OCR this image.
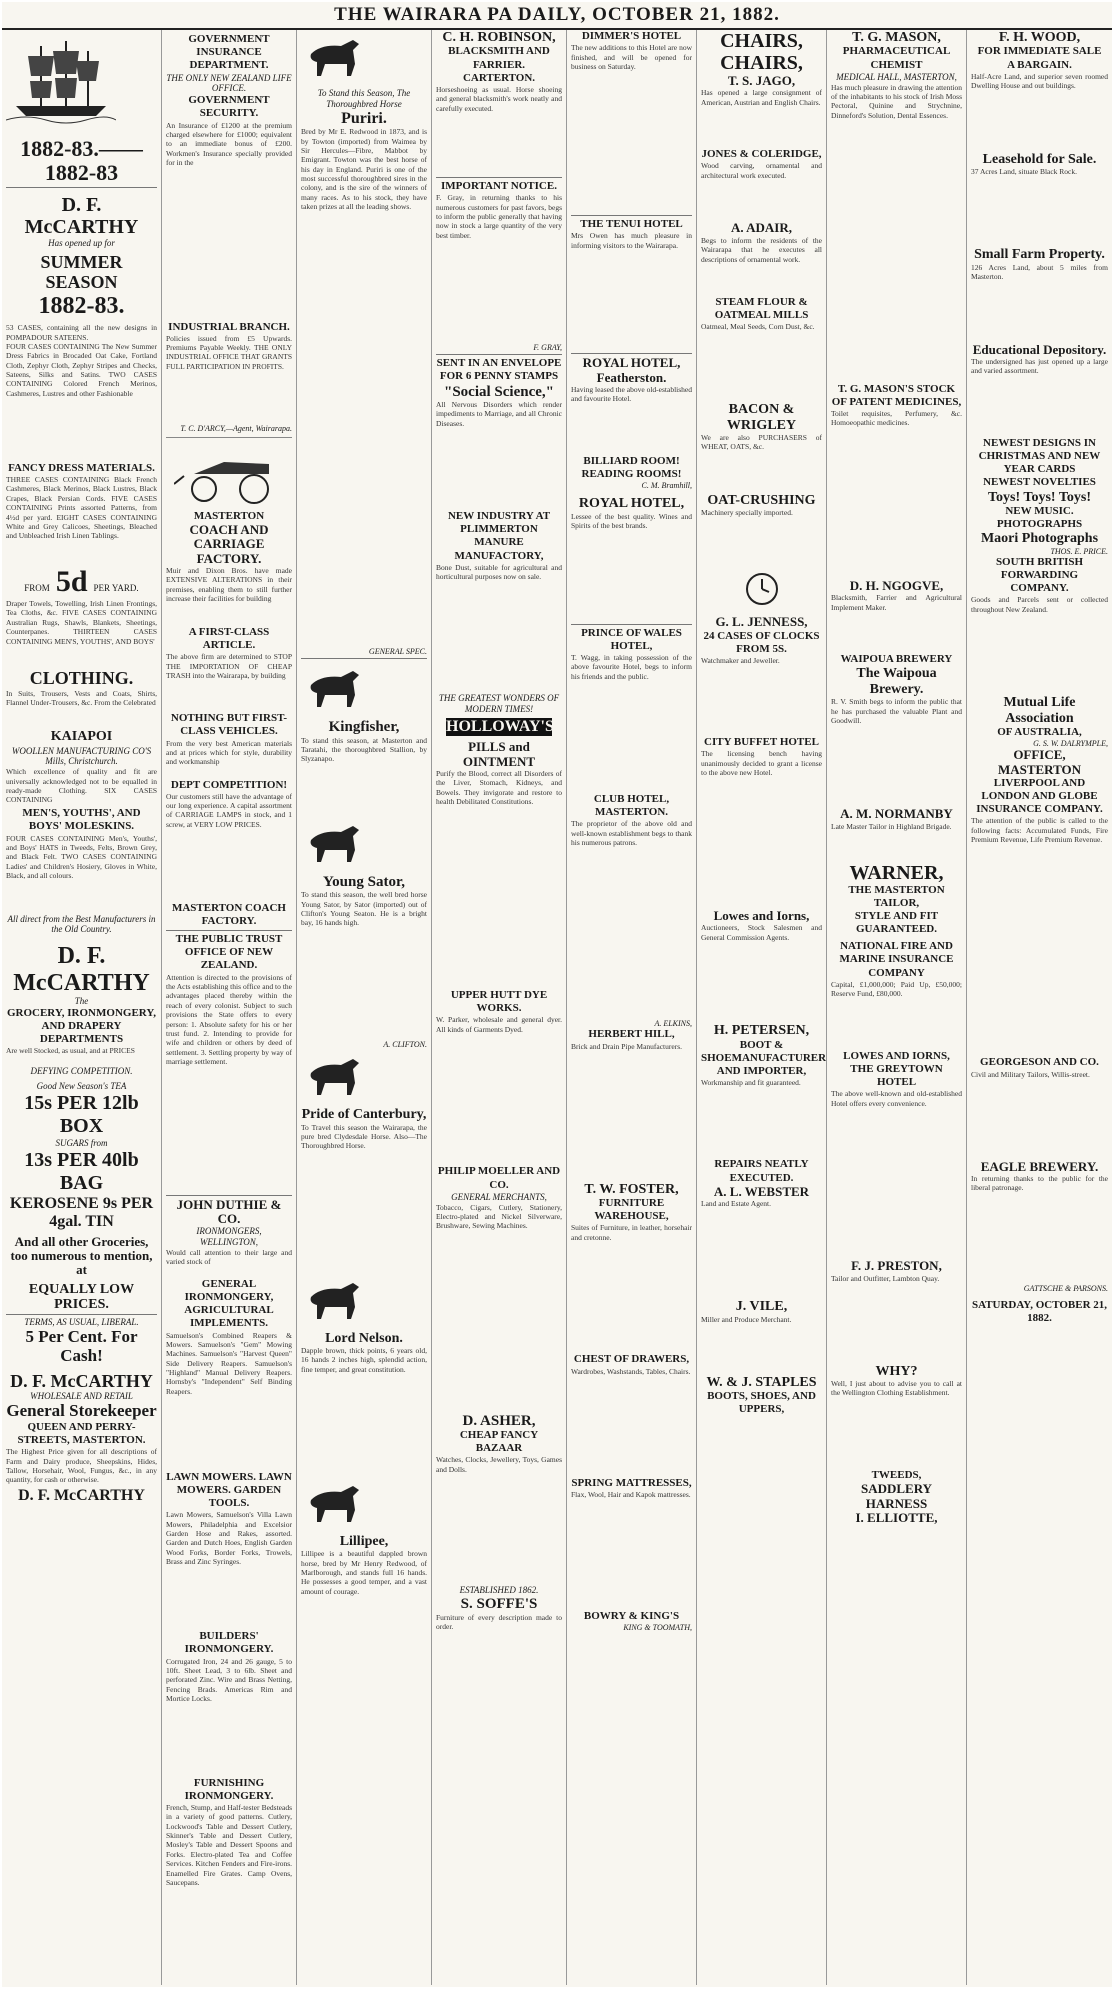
THE WAIRARA PA DAILY, OCTOBER 21, 1882.
1882-83.——1882-83
D. F. McCARTHY
Has opened up for
SUMMER SEASON
1882-83.
53 CASES, containing all the new designs in POMPADOUR SATEENS.
FOUR CASES CONTAINING The New Summer Dress Fabrics in Brocaded Oat Cake, Fortland Cloth, Zephyr Cloth, Zephyr Stripes and Checks, Sateens, Silks and Satins. TWO CASES CONTAINING Colored French Merinos, Cashmeres, Lustres and other Fashionable
FANCY DRESS MATERIALS.
THREE CASES CONTAINING Black French Cashmeres, Black Merinos, Black Lustres, Black Crapes, Black Persian Cords. FIVE CASES CONTAINING Prints assorted Patterns, from 4½d per yard. EIGHT CASES CONTAINING White and Grey Calicoes, Sheetings, Bleached and Unbleached Irish Linen Tablings.
FROM 5d PER YARD.
Draper Towels, Towelling, Irish Linen Frontings, Tea Cloths, &c. FIVE CASES CONTAINING Australian Rugs, Shawls, Blankets, Sheetings, Counterpanes. THIRTEEN CASES CONTAINING MEN'S, YOUTHS', AND BOYS'
CLOTHING.
In Suits, Trousers, Vests and Coats, Shirts, Flannel Under-Trousers, &c. From the Celebrated
KAIAPOI
WOOLLEN MANUFACTURING CO'S Mills, Christchurch.
Which excellence of quality and fit are universally acknowledged not to be equalled in ready-made Clothing. SIX CASES CONTAINING
MEN'S, YOUTHS', AND BOYS' MOLESKINS.
FOUR CASES CONTAINING Men's, Youths', and Boys' HATS in Tweeds, Felts, Brown Grey, and Black Felt. TWO CASES CONTAINING Ladies' and Children's Hosiery, Gloves in White, Black, and all colours.
All direct from the Best Manufacturers in the Old Country.
D. F. McCARTHY
The
GROCERY, IRONMONGERY, AND DRAPERY DEPARTMENTS
Are well Stocked, as usual, and at PRICES
DEFYING COMPETITION.
Good New Season's TEA
15s PER 12lb BOX
SUGARS from
13s PER 40lb BAG
KEROSENE 9s PER 4gal. TIN
And all other Groceries, too numerous to mention, at
EQUALLY LOW PRICES.
TERMS, AS USUAL, LIBERAL.
5 Per Cent. For Cash!
D. F. McCARTHY
WHOLESALE AND RETAIL
General Storekeeper
QUEEN AND PERRY-STREETS, MASTERTON.
The Highest Price given for all descriptions of Farm and Dairy produce, Sheepskins, Hides, Tallow, Horsehair, Wool, Fungus, &c., in any quantity, for cash or otherwise.
D. F. McCARTHY
GOVERNMENT INSURANCE DEPARTMENT.
THE ONLY NEW ZEALAND LIFE OFFICE.
GOVERNMENT SECURITY.
An Insurance of £1200 at the premium charged elsewhere for £1000; equivalent to an immediate bonus of £200. Workmen's Insurance specially provided for in the
INDUSTRIAL BRANCH.
Policies issued from £5 Upwards. Premiums Payable Weekly. THE ONLY INDUSTRIAL OFFICE THAT GRANTS FULL PARTICIPATION IN PROFITS.
T. C. D'ARCY,—Agent, Wairarapa.
MASTERTON
COACH AND CARRIAGE FACTORY.
Muir and Dixon Bros. have made EXTENSIVE ALTERATIONS in their premises, enabling them to still further increase their facilities for building
A FIRST-CLASS ARTICLE.
The above firm are determined to STOP THE IMPORTATION OF CHEAP TRASH into the Wairarapa, by building
NOTHING BUT FIRST-CLASS VEHICLES.
From the very best American materials and at prices which for style, durability and workmanship
DEPT COMPETITION!
Our customers still have the advantage of our long experience. A capital assortment of CARRIAGE LAMPS in stock, and 1 screw, at VERY LOW PRICES.
MASTERTON COACH FACTORY.
THE PUBLIC TRUST OFFICE OF NEW ZEALAND.
Attention is directed to the provisions of the Acts establishing this office and to the advantages placed thereby within the reach of every colonist. Subject to such provisions the State offers to every person: 1. Absolute safety for his or her trust fund. 2. Intending to provide for wife and children or others by deed of settlement. 3. Settling property by way of marriage settlement.
JOHN DUTHIE & CO.
IRONMONGERS,
WELLINGTON,
Would call attention to their large and varied stock of
GENERAL IRONMONGERY,
AGRICULTURAL IMPLEMENTS.
Samuelson's Combined Reapers & Mowers. Samuelson's "Gem" Mowing Machines. Samuelson's "Harvest Queen" Side Delivery Reapers. Samuelson's "Highland" Manual Delivery Reapers. Hornsby's "Independent" Self Binding Reapers.
LAWN MOWERS. LAWN MOWERS. GARDEN TOOLS.
Lawn Mowers, Samuelson's Villa Lawn Mowers, Philadelphia and Excelsior Garden Hose and Rakes, assorted. Garden and Dutch Hoes, English Garden Wood Forks, Border Forks, Trowels, Brass and Zinc Syringes.
BUILDERS' IRONMONGERY.
Corrugated Iron, 24 and 26 gauge, 5 to 10ft. Sheet Lead, 3 to 6lb. Sheet and perforated Zinc. Wire and Brass Netting, Fencing Brads. Americas Rim and Mortice Locks.
FURNISHING IRONMONGERY.
French, Stump, and Half-tester Bedsteads in a variety of good patterns. Cutlery, Lockwood's Table and Dessert Cutlery, Skinner's Table and Dessert Cutlery, Mosley's Table and Dessert Spoons and Forks. Electro-plated Tea and Coffee Services. Kitchen Fenders and Fire-irons. Enamelled Fire Grates. Camp Ovens, Saucepans.
To Stand this Season, The Thoroughbred Horse
Puriri.
Bred by Mr E. Redwood in 1873, and is by Towton (imported) from Waimea by Sir Hercules—Fibre, Mabbot by Emigrant. Towton was the best horse of his day in England. Puriri is one of the most successful thoroughbred sires in the colony, and is the sire of the winners of many races. As to his stock, they have taken prizes at all the leading shows.
GENERAL SPEC.
Kingfisher,
To stand this season, at Masterton and Taratahi, the thoroughbred Stallion, by Slyzanapo.
Young Sator,
To stand this season, the well bred horse Young Sator, by Sator (imported) out of Clifton's Young Seaton. He is a bright bay, 16 hands high.
A. CLIFTON.
Pride of Canterbury,
To Travel this season the Wairarapa, the pure bred Clydesdale Horse. Also—The Thoroughbred Horse.
Lord Nelson.
Dapple brown, thick points, 6 years old, 16 hands 2 inches high, splendid action, fine temper, and great constitution.
Lillipee,
Lillipee is a beautiful dappled brown horse, bred by Mr Henry Redwood, of Marlborough, and stands full 16 hands. He possesses a good temper, and a vast amount of courage.
C. H. ROBINSON,
BLACKSMITH AND FARRIER.
CARTERTON.
Horseshoeing as usual. Horse shoeing and general blacksmith's work neatly and carefully executed.
IMPORTANT NOTICE.
F. Gray, in returning thanks to his numerous customers for past favors, begs to inform the public generally that having now in stock a large quantity of the very best timber.
F. GRAY,
SENT IN AN ENVELOPE FOR 6 PENNY STAMPS
"Social Science,"
All Nervous Disorders which render impediments to Marriage, and all Chronic Diseases.
NEW INDUSTRY AT PLIMMERTON MANURE MANUFACTORY,
Bone Dust, suitable for agricultural and horticultural purposes now on sale.
THE GREATEST WONDERS OF MODERN TIMES!
HOLLOWAY'S
PILLS and OINTMENT
Purify the Blood, correct all Disorders of the Liver, Stomach, Kidneys, and Bowels. They invigorate and restore to health Debilitated Constitutions.
UPPER HUTT DYE WORKS.
W. Parker, wholesale and general dyer. All kinds of Garments Dyed.
PHILIP MOELLER AND CO.
GENERAL MERCHANTS,
Tobacco, Cigars, Cutlery, Stationery, Electro-plated and Nickel Silverware, Brushware, Sewing Machines.
D. ASHER,
CHEAP FANCY BAZAAR
Watches, Clocks, Jewellery, Toys, Games and Dolls.
ESTABLISHED 1862.
S. SOFFE'S
Furniture of every description made to order.
DIMMER'S HOTEL
The new additions to this Hotel are now finished, and will be opened for business on Saturday.
THE TENUI HOTEL
Mrs Owen has much pleasure in informing visitors to the Wairarapa.
ROYAL HOTEL, Featherston.
Having leased the above old-established and favourite Hotel.
BILLIARD ROOM! READING ROOMS!
C. M. Bramhill,
ROYAL HOTEL,
Lessee of the best quality. Wines and Spirits of the best brands.
PRINCE OF WALES HOTEL,
T. Wagg, in taking possession of the above favourite Hotel, begs to inform his friends and the public.
CLUB HOTEL, MASTERTON.
The proprietor of the above old and well-known establishment begs to thank his numerous patrons.
A. ELKINS,
HERBERT HILL,
Brick and Drain Pipe Manufacturers.
T. W. FOSTER,
FURNITURE WAREHOUSE,
Suites of Furniture, in leather, horsehair and cretonne.
CHEST OF DRAWERS,
Wardrobes, Washstands, Tables, Chairs.
SPRING MATTRESSES,
Flax, Wool, Hair and Kapok mattresses.
BOWRY & KING'S
KING & TOOMATH,
CHAIRS, CHAIRS,
T. S. JAGO,
Has opened a large consignment of American, Austrian and English Chairs.
JONES & COLERIDGE,
Wood carving, ornamental and architectural work executed.
A. ADAIR,
Begs to inform the residents of the Wairarapa that he executes all descriptions of ornamental work.
STEAM FLOUR & OATMEAL MILLS
Oatmeal, Meal Seeds, Corn Dust, &c.
BACON & WRIGLEY
We are also PURCHASERS of WHEAT, OATS, &c.
OAT-CRUSHING
Machinery specially imported.
G. L. JENNESS,
24 CASES OF CLOCKS FROM 5S.
Watchmaker and Jeweller.
CITY BUFFET HOTEL
The licensing bench having unanimously decided to grant a license to the above new Hotel.
Lowes and Iorns,
Auctioneers, Stock Salesmen and General Commission Agents.
H. PETERSEN,
BOOT & SHOEMANUFACTURER AND IMPORTER,
Workmanship and fit guaranteed.
REPAIRS NEATLY EXECUTED.
A. L. WEBSTER
Land and Estate Agent.
J. VILE,
Miller and Produce Merchant.
W. & J. STAPLES
BOOTS, SHOES, AND UPPERS,
T. G. MASON,
PHARMACEUTICAL CHEMIST
MEDICAL HALL, MASTERTON,
Has much pleasure in drawing the attention of the inhabitants to his stock of Irish Moss Pectoral, Quinine and Strychnine, Dinneford's Solution, Dental Essences.
T. G. MASON'S STOCK OF PATENT MEDICINES,
Toilet requisites, Perfumery, &c. Homoeopathic medicines.
D. H. NGOGVE,
Blacksmith, Farrier and Agricultural Implement Maker.
WAIPOUA BREWERY
The Waipoua Brewery.
R. V. Smith begs to inform the public that he has purchased the valuable Plant and Goodwill.
A. M. NORMANBY
Late Master Tailor in Highland Brigade.
WARNER,
THE MASTERTON TAILOR,
STYLE AND FIT GUARANTEED.
NATIONAL FIRE AND MARINE INSURANCE COMPANY
Capital, £1,000,000; Paid Up, £50,000; Reserve Fund, £80,000.
LOWES AND IORNS,
THE GREYTOWN HOTEL
The above well-known and old-established Hotel offers every convenience.
F. J. PRESTON,
Tailor and Outfitter, Lambton Quay.
WHY?
Well, I just about to advise you to call at the Wellington Clothing Establishment.
TWEEDS,
SADDLERY HARNESS
I. ELLIOTTE,
F. H. WOOD,
FOR IMMEDIATE SALE
A BARGAIN.
Half-Acre Land, and superior seven roomed Dwelling House and out buildings.
Leasehold for Sale.
37 Acres Land, situate Black Rock.
Small Farm Property.
126 Acres Land, about 5 miles from Masterton.
Educational Depository.
The undersigned has just opened up a large and varied assortment.
NEWEST DESIGNS IN CHRISTMAS AND NEW YEAR CARDS
NEWEST NOVELTIES
Toys! Toys! Toys!
NEW MUSIC.
PHOTOGRAPHS
Maori Photographs
THOS. E. PRICE.
SOUTH BRITISH FORWARDING COMPANY.
Goods and Parcels sent or collected throughout New Zealand.
Mutual Life Association
OF AUSTRALIA,
G. S. W. DALRYMPLE,
OFFICE, MASTERTON
LIVERPOOL AND LONDON AND GLOBE INSURANCE COMPANY.
The attention of the public is called to the following facts: Accumulated Funds, Fire Premium Revenue, Life Premium Revenue.
GEORGESON AND CO.
Civil and Military Tailors, Willis-street.
EAGLE BREWERY.
In returning thanks to the public for the liberal patronage.
GATTSCHE & PARSONS.
SATURDAY, OCTOBER 21, 1882.
